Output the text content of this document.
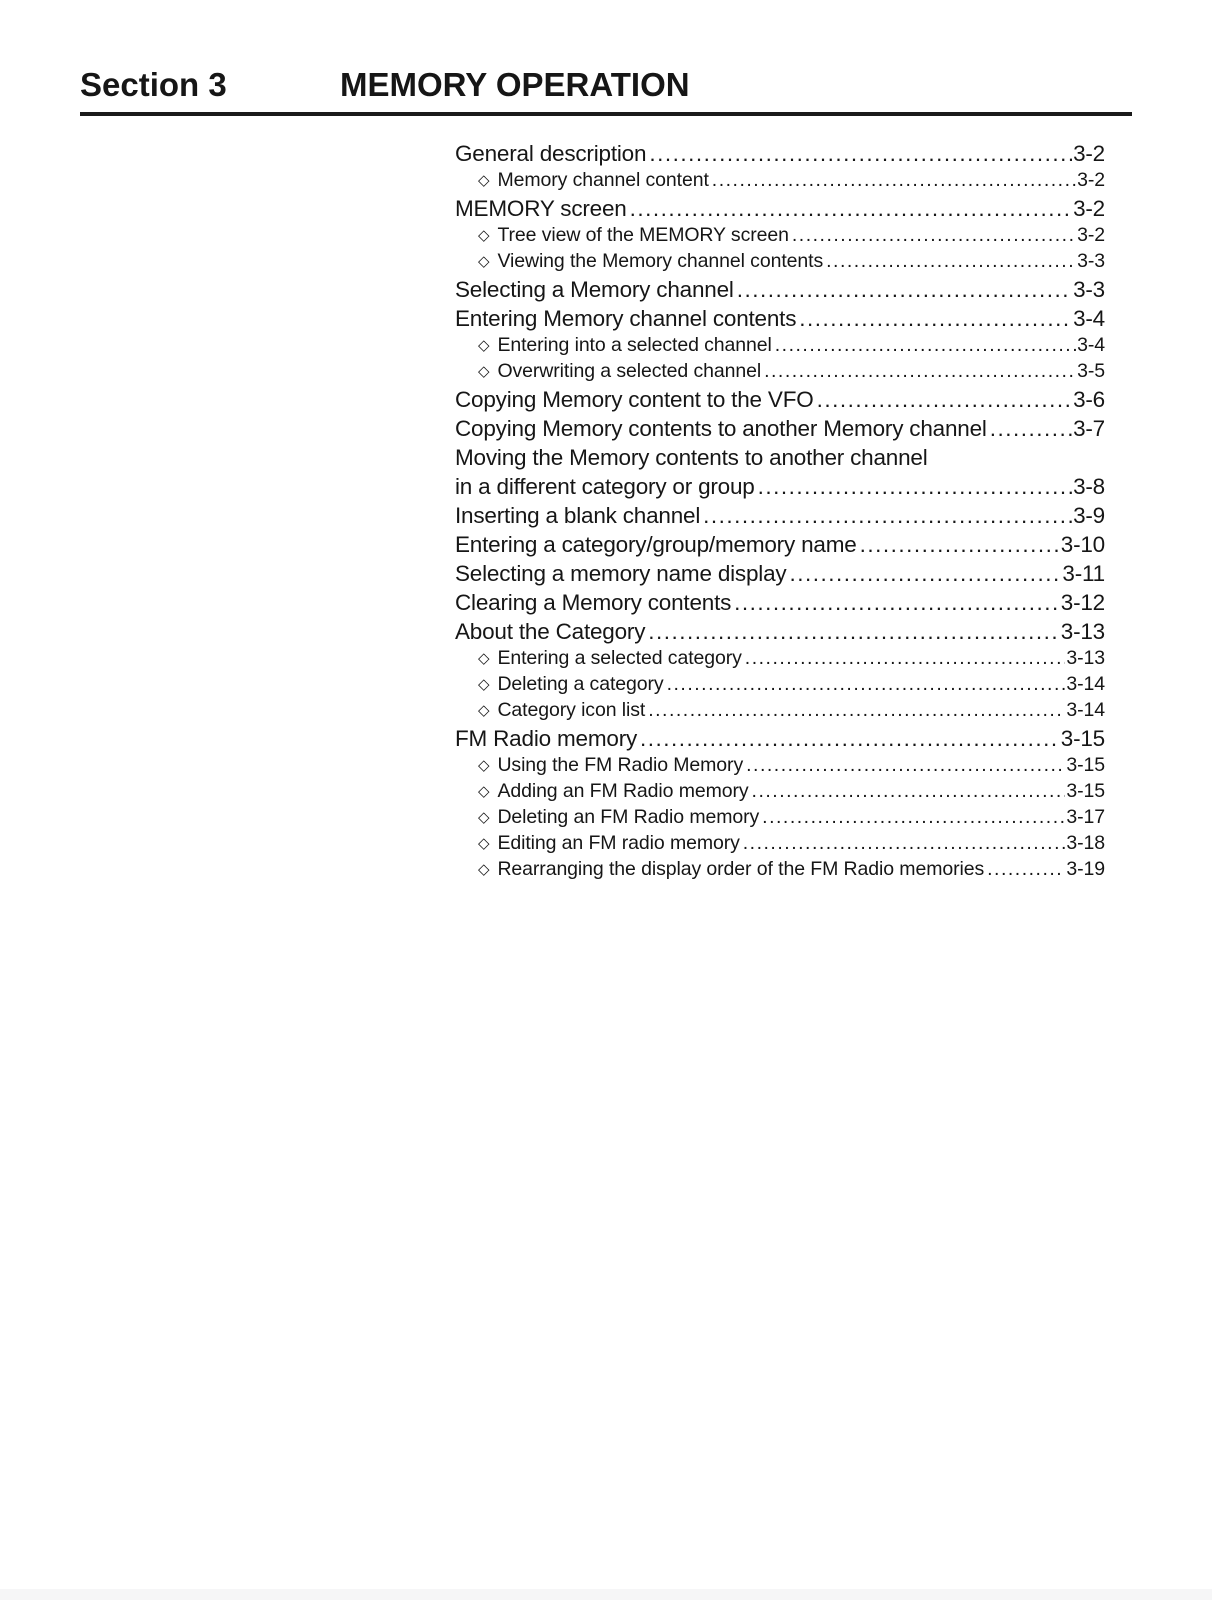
Section 3	MEMORY OPERATION
General description .....	3-2
◇ Memory channel content .....	3-2
MEMORY screen .....	3-2
◇ Tree view of the MEMORY screen .....	3-2
◇ Viewing the Memory channel contents .....	3-3
Selecting a Memory channel .....	3-3
Entering Memory channel contents .....	3-4
◇ Entering into a selected channel .....	3-4
◇ Overwriting a selected channel .....	3-5
Copying Memory content to the VFO .....	3-6
Copying Memory contents to another Memory channel .....	3-7
Moving the Memory contents to another channel
in a different category or group .....	3-8
Inserting a blank channel .....	3-9
Entering a category/group/memory name .....	3-10
Selecting a memory name display .....	3-11
Clearing a Memory contents .....	3-12
About the Category .....	3-13
◇ Entering a selected category .....	3-13
◇ Deleting a category .....	3-14
◇ Category icon list .....	3-14
FM Radio memory .....	3-15
◇ Using the FM Radio Memory .....	3-15
◇ Adding an FM Radio memory .....	3-15
◇ Deleting an FM Radio memory .....	3-17
◇ Editing an FM radio memory .....	3-18
◇ Rearranging the display order of the FM Radio memories .....	3-19
